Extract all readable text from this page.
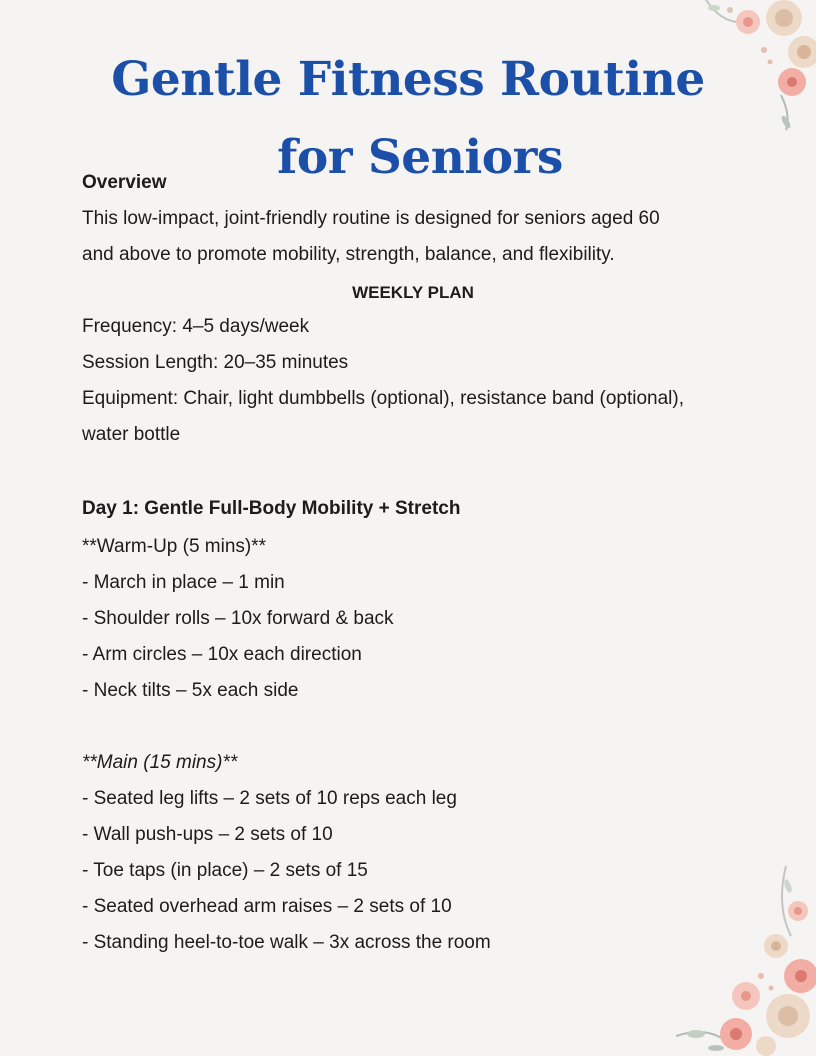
Gentle Fitness Routine
for Seniors
Overview
This low-impact, joint-friendly routine is designed for seniors aged 60
and above to promote mobility, strength, balance, and flexibility.
WEEKLY PLAN
Frequency: 4–5 days/week
Session Length: 20–35 minutes
Equipment: Chair, light dumbbells (optional), resistance band (optional),
water bottle
Day 1: Gentle Full-Body Mobility + Stretch
**Warm-Up (5 mins)**
- March in place – 1 min
- Shoulder rolls – 10x forward & back
- Arm circles – 10x each direction
- Neck tilts – 5x each side
**Main (15 mins)**
- Seated leg lifts – 2 sets of 10 reps each leg
- Wall push-ups – 2 sets of 10
- Toe taps (in place) – 2 sets of 15
- Seated overhead arm raises – 2 sets of 10
- Standing heel-to-toe walk – 3x across the room
